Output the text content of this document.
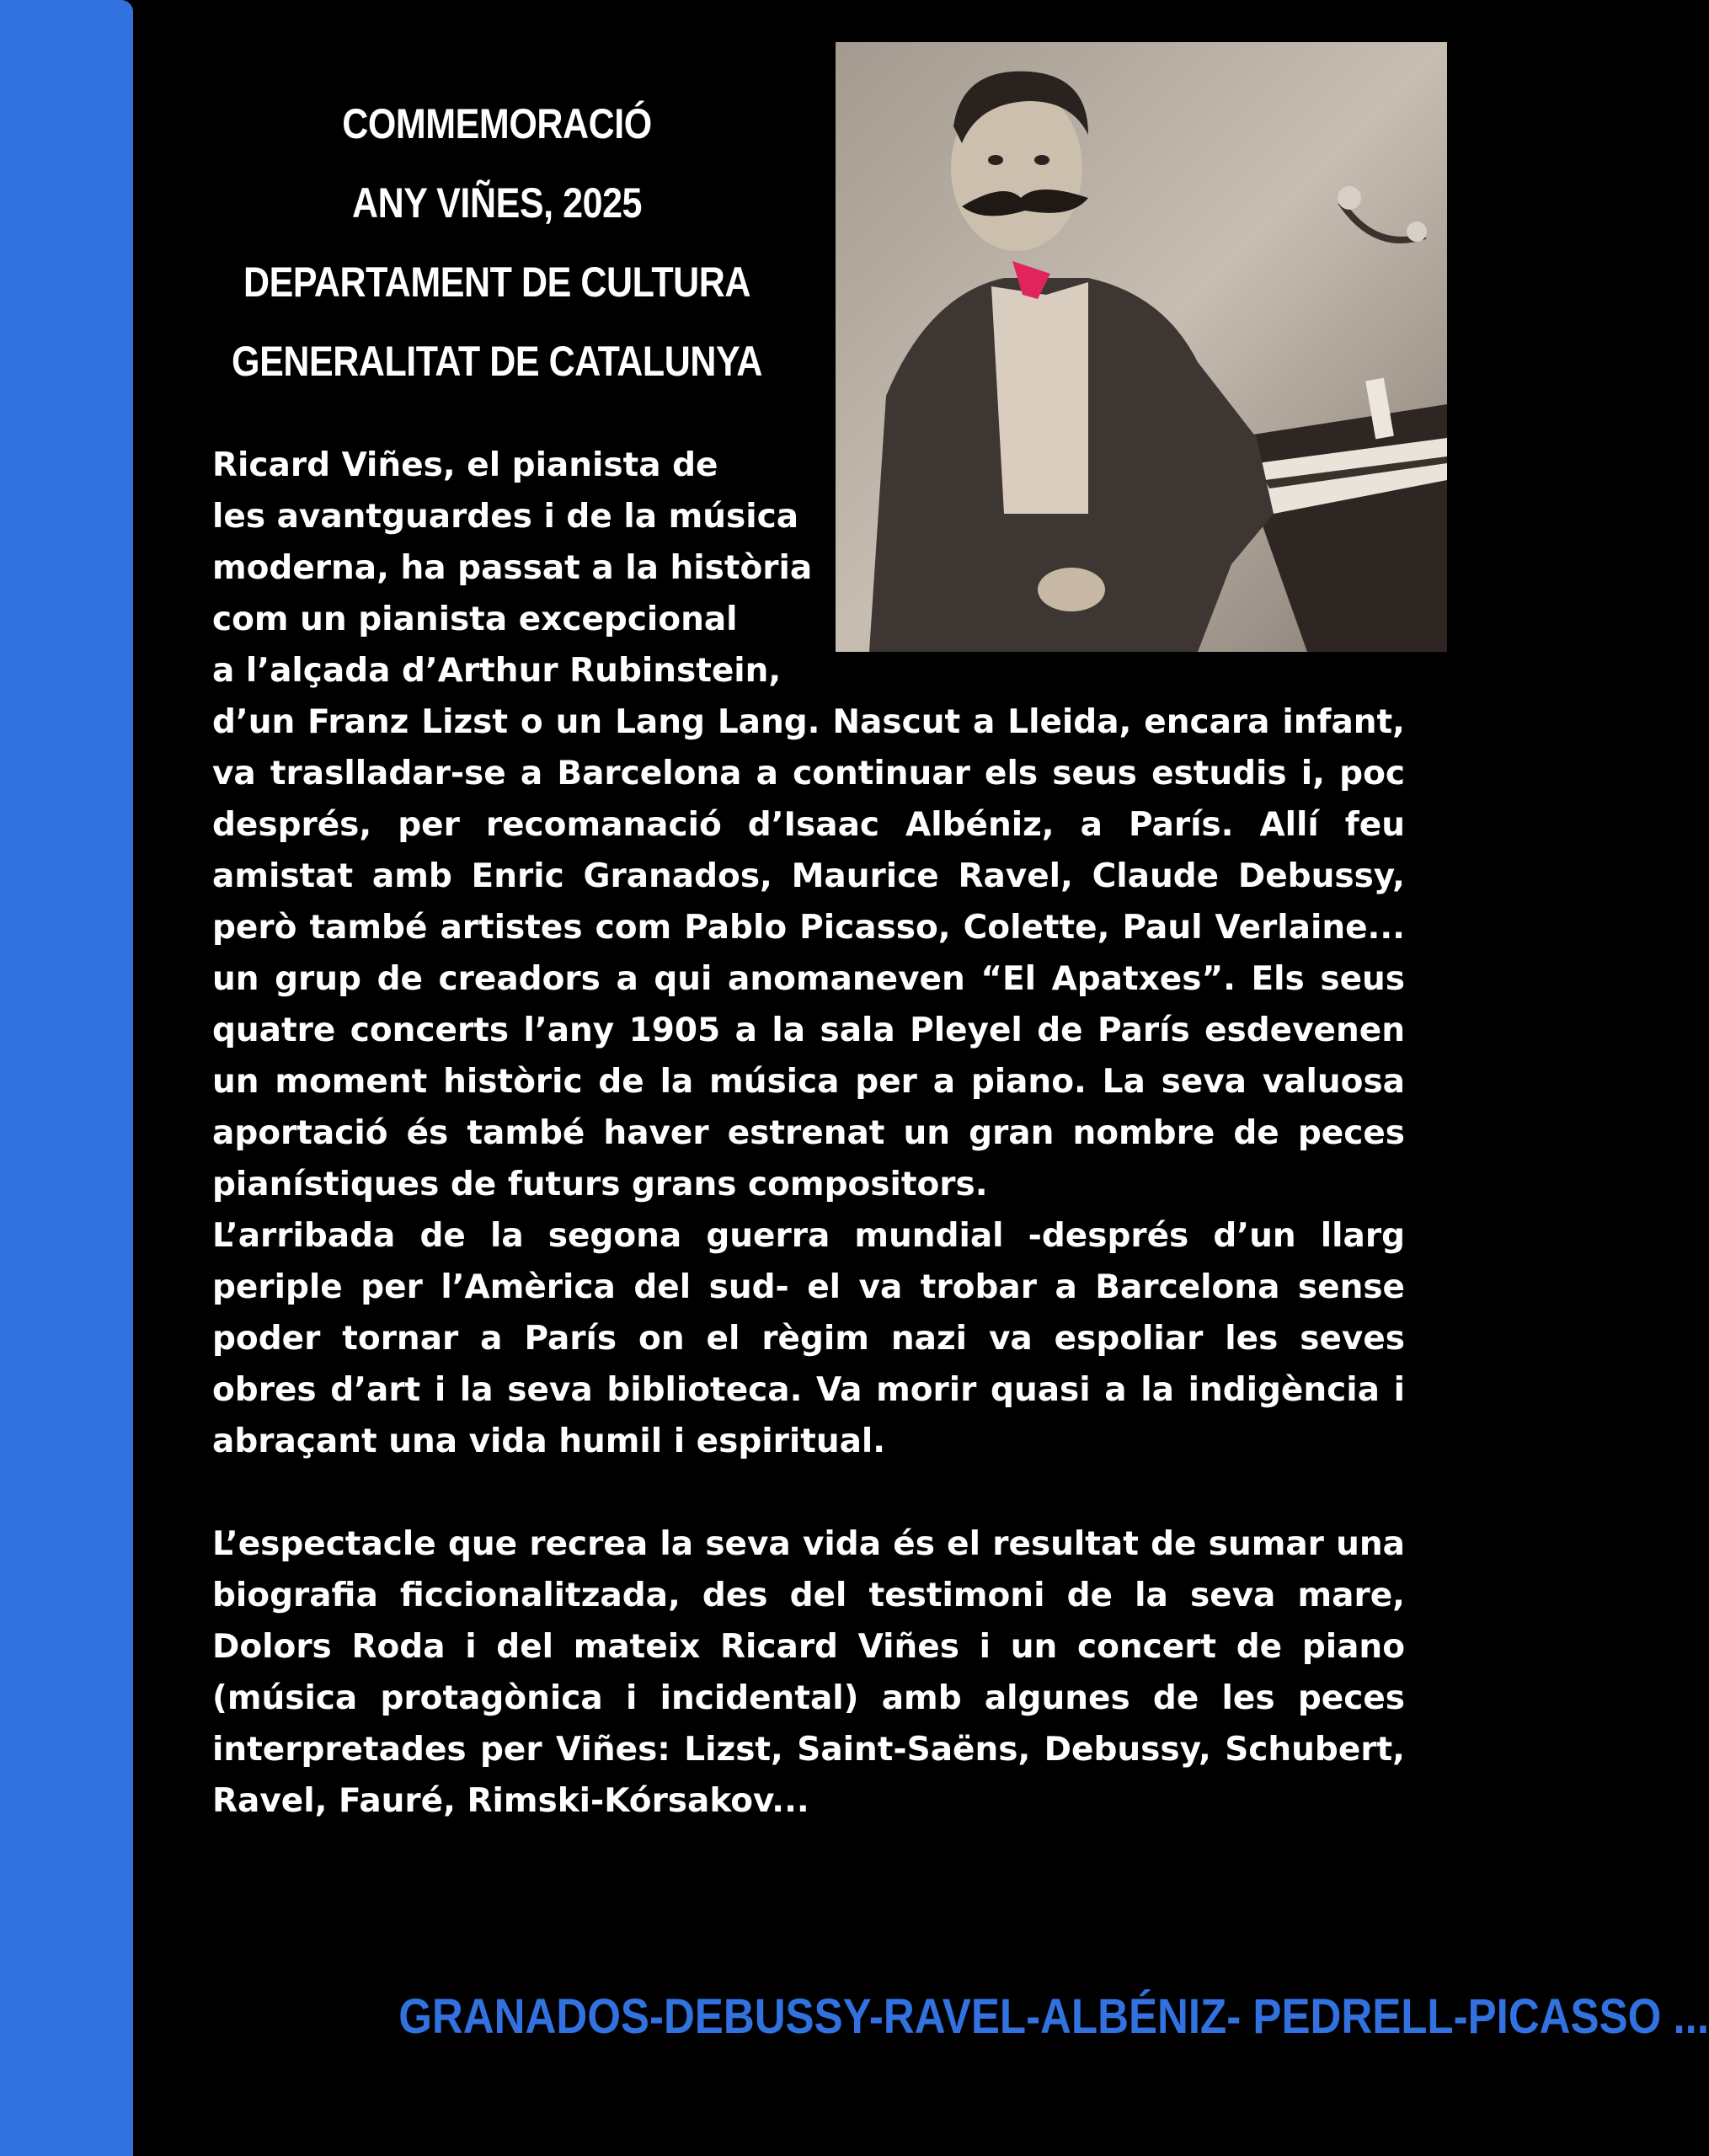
COMMEMORACIÓ
ANY VIÑES, 2025
DEPARTAMENT DE CULTURA
GENERALITAT DE CATALUNYA

Ricard Viñes, el pianista de
les avantguardes i de la música
moderna, ha passat a la història
com un pianista excepcional
a l’alçada d’Arthur Rubinstein,
d’un Franz Lizst o un Lang Lang. Nascut a Lleida, encara infant, va traslladar-se a Barcelona a continuar els seus estudis i, poc després, per recomanació d’Isaac Albéniz, a París. Allí feu amistat amb Enric Granados, Maurice Ravel, Claude Debussy, però també artistes com Pablo Picasso, Colette, Paul Verlaine... un grup de creadors a qui anomaneven “El Apatxes”. Els seus quatre concerts l’any 1905 a la sala Pleyel de París esdevenen un moment històric de la música per a piano. La seva valuosa aportació és també haver estrenat un gran nombre de peces pianístiques de futurs grans compositors.

L’arribada de la segona guerra mundial -després d’un llarg periple per l’Amèrica del sud- el va trobar a Barcelona sense poder tornar a París on el règim nazi va espoliar les seves obres d’art i la seva biblioteca. Va morir quasi a la indigència i abraçant una vida humil i espiritual.

L’espectacle que recrea la seva vida és el resultat de sumar una biografia ficcionalitzada, des del testimoni de la seva mare, Dolors Roda i del mateix Ricard Viñes i un concert de piano (música protagònica i incidental) amb algunes de les peces interpretades per Viñes: Lizst, Saint-Saëns, Debussy, Schubert, Ravel, Fauré, Rimski-Kórsakov...

GRANADOS-DEBUSSY-RAVEL-ALBÉNIZ- PEDRELL-PICASSO ...
